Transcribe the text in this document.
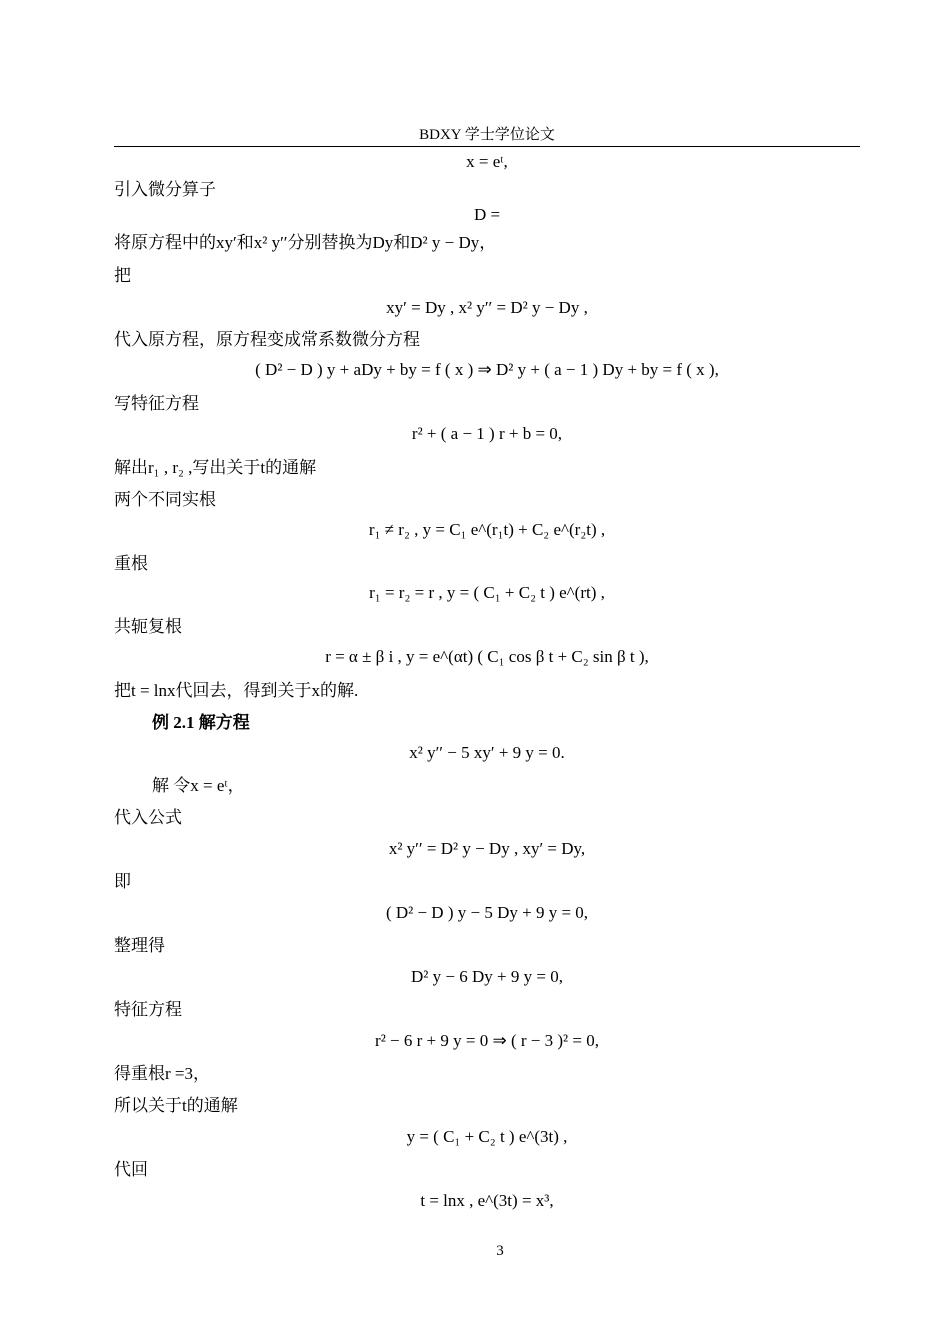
BDXY 学士学位论文
x = eᵗ,
引入微分算子
D =
将原方程中的xy′和x² y′′分别替换为Dy和D² y − Dy，
把
xy′ = Dy , x² y′′ = D² y − Dy ,
代入原方程，原方程变成常系数微分方程
( D² − D ) y + aDy + by = f ( x ) ⇒ D² y + ( a − 1 ) Dy + by = f ( x ),
写特征方程
r² + ( a − 1 ) r + b = 0,
解出r₁ , r₂ ,写出关于t的通解
两个不同实根
r₁ ≠ r₂ , y = C₁ e^(r₁t) + C₂ e^(r₂t) ,
重根
r₁ = r₂ = r , y = ( C₁ + C₂ t ) e^(rt) ,
共轭复根
r = α ± β i , y = e^(αt) ( C₁ cos β t + C₂ sin β t ),
把t = lnx代回去，得到关于x的解.
例 2.1 解方程
x² y′′ − 5 xy′ + 9 y = 0.
解 令x = eᵗ，
代入公式
x² y′′ = D² y − Dy , xy′ = Dy,
即
( D² − D ) y − 5 Dy + 9 y = 0,
整理得
D² y − 6 Dy + 9 y = 0,
特征方程
r² − 6 r + 9 y = 0 ⇒ ( r − 3 )² = 0,
得重根r =3，
所以关于t的通解
y = ( C₁ + C₂ t ) e^(3t) ,
代回
t = lnx , e^(3t) = x³,
3
